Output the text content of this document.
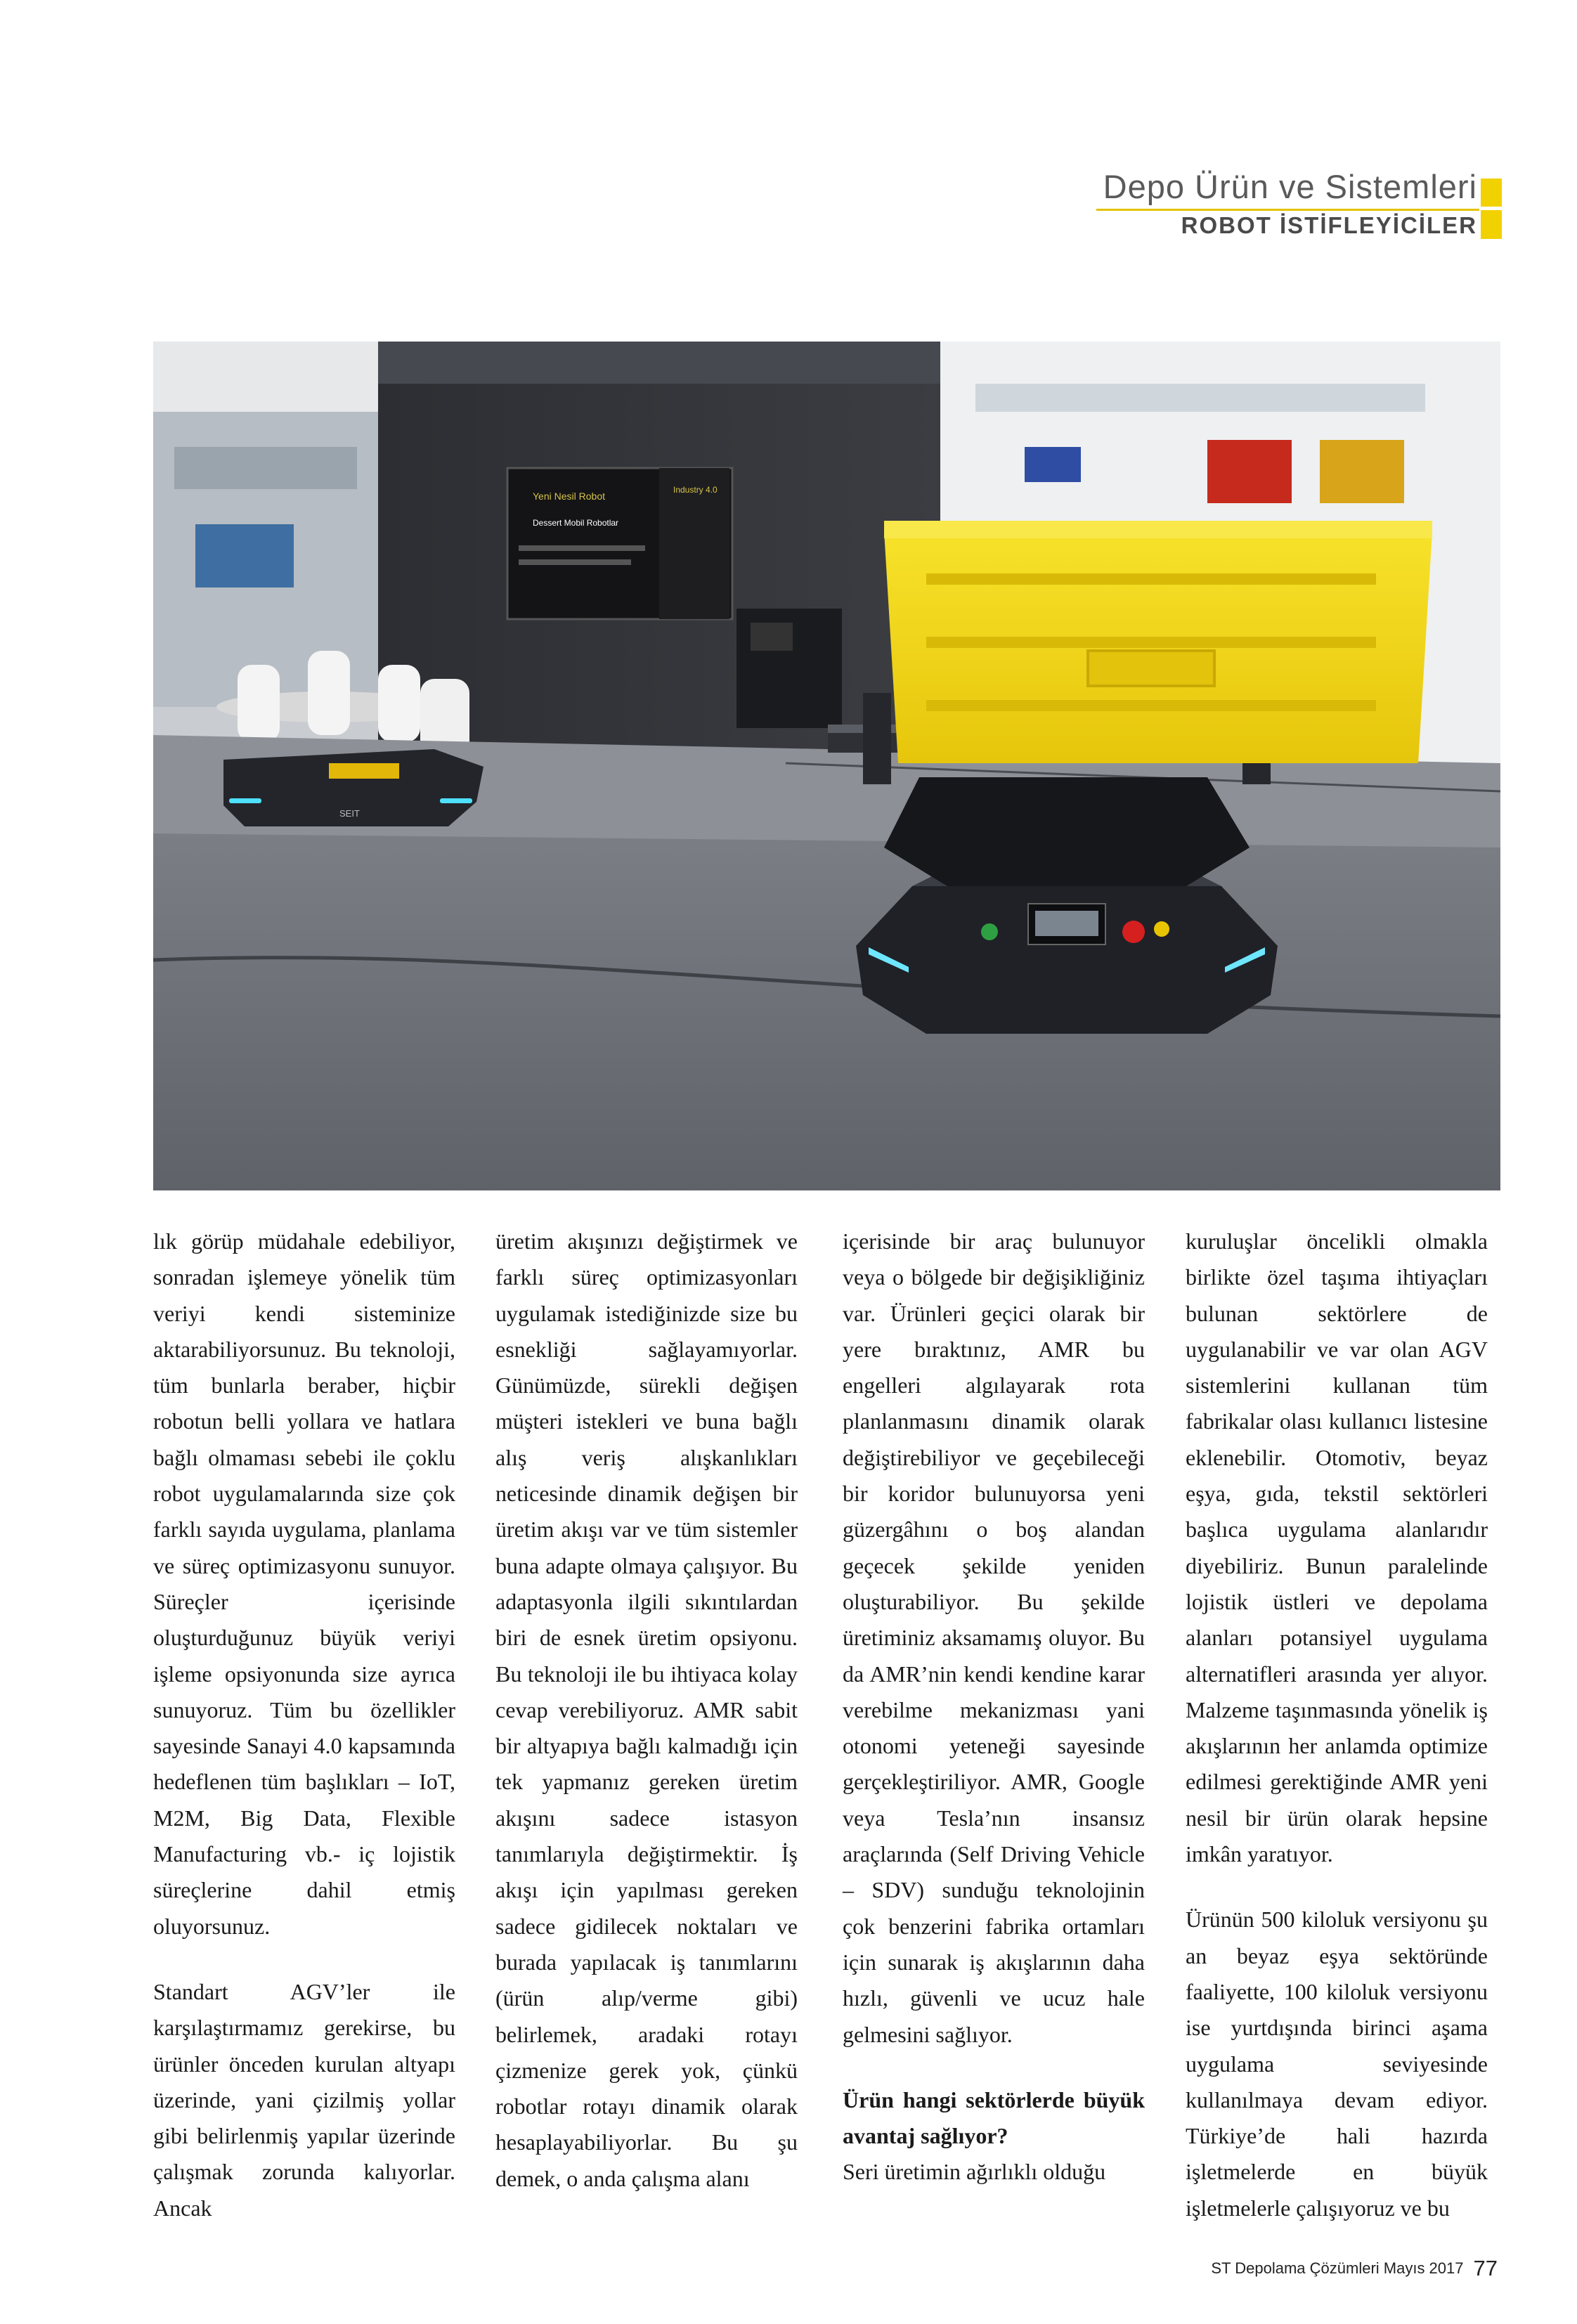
Depo Ürün ve Sistemleri
ROBOT İSTİFLEYİCİLER
Yeni Nesil Robot
Dessert Mobil Robotlar
Industry 4.0
SEIT

lık görüp müdahale edebiliyor, sonradan işlemeye yönelik tüm veriyi kendi sisteminize aktarabiliyorsunuz. Bu teknoloji, tüm bunlarla beraber, hiçbir robotun belli yollara ve hatlara bağlı olmaması sebebi ile çoklu robot uygulamalarında size çok farklı sayıda uygulama, planlama ve süreç optimizasyonu sunuyor. Süreçler içerisinde oluşturduğunuz büyük veriyi işleme opsiyonunda size ayrıca sunuyoruz. Tüm bu özellikler sayesinde Sanayi 4.0 kapsamında hedeflenen tüm başlıkları – IoT, M2M, Big Data, Flexible Manufacturing vb.- iç lojistik süreçlerine dahil etmiş oluyorsunuz.

Standart AGV’ler ile karşılaştırmamız gerekirse, bu ürünler önceden kurulan altyapı üzerinde, yani çizilmiş yollar gibi belirlenmiş yapılar üzerinde çalışmak zorunda kalıyorlar. Ancak

üretim akışınızı değiştirmek ve farklı süreç optimizasyonları uygulamak istediğinizde size bu esnekliği sağlayamıyorlar. Günümüzde, sürekli değişen müşteri istekleri ve buna bağlı alış veriş alışkanlıkları neticesinde dinamik değişen bir üretim akışı var ve tüm sistemler buna adapte olmaya çalışıyor. Bu adaptasyonla ilgili sıkıntılardan biri de esnek üretim opsiyonu. Bu teknoloji ile bu ihtiyaca kolay cevap verebiliyoruz. AMR sabit bir altyapıya bağlı kalmadığı için tek yapmanız gereken üretim akışını sadece istasyon tanımlarıyla değiştirmektir. İş akışı için yapılması gereken sadece gidilecek noktaları ve burada yapılacak iş tanımlarını (ürün alıp/verme gibi) belirlemek, aradaki rotayı çizmenize gerek yok, çünkü robotlar rotayı dinamik olarak hesaplayabiliyorlar. Bu şu demek, o anda çalışma alanı

içerisinde bir araç bulunuyor veya o bölgede bir değişikliğiniz var. Ürünleri geçici olarak bir yere bıraktınız, AMR bu engelleri algılayarak rota planlanmasını dinamik olarak değiştirebiliyor ve geçebileceği bir koridor bulunuyorsa yeni güzergâhını o boş alandan geçecek şekilde yeniden oluşturabiliyor. Bu şekilde üretiminiz aksamamış oluyor. Bu da AMR’nin kendi kendine karar verebilme mekanizması yani otonomi yeteneği sayesinde gerçekleştiriliyor. AMR, Google veya Tesla’nın insansız araçlarında (Self Driving Vehicle – SDV) sunduğu teknolojinin çok benzerini fabrika ortamları için sunarak iş akışlarının daha hızlı, güvenli ve ucuz hale gelmesini sağlıyor.

Ürün hangi sektörlerde büyük avantaj sağlıyor?

Seri üretimin ağırlıklı olduğu

kuruluşlar öncelikli olmakla birlikte özel taşıma ihtiyaçları bulunan sektörlere de uygulanabilir ve var olan AGV sistemlerini kullanan tüm fabrikalar olası kullanıcı listesine eklenebilir. Otomotiv, beyaz eşya, gıda, tekstil sektörleri başlıca uygulama alanlarıdır diyebiliriz. Bunun paralelinde lojistik üstleri ve depolama alanları potansiyel uygulama alternatifleri arasında yer alıyor. Malzeme taşınmasında yönelik iş akışlarının her anlamda optimize edilmesi gerektiğinde AMR yeni nesil bir ürün olarak hepsine imkân yaratıyor.

Ürünün 500 kiloluk versiyonu şu an beyaz eşya sektöründe faaliyette, 100 kiloluk versiyonu ise yurtdışında birinci aşama uygulama seviyesinde kullanılmaya devam ediyor. Türkiye’de hali hazırda işletmelerde en büyük işletmelerle çalışıyoruz ve bu

ST Depolama Çözümleri Mayıs 2017 77
